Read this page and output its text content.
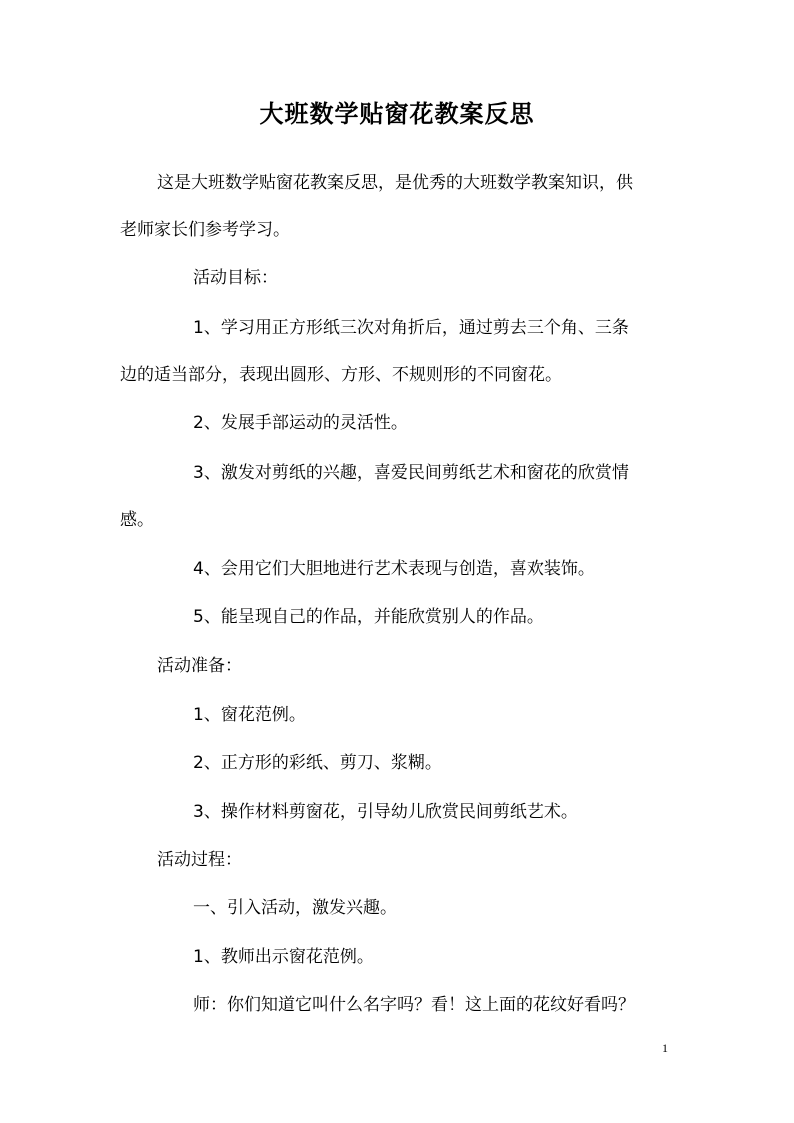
大班数学贴窗花教案反思
这是大班数学贴窗花教案反思，是优秀的大班数学教案知识，供
老师家长们参考学习。
活动目标：
1、学习用正方形纸三次对角折后，通过剪去三个角、三条
边的适当部分，表现出圆形、方形、不规则形的不同窗花。
2、发展手部运动的灵活性。
3、激发对剪纸的兴趣，喜爱民间剪纸艺术和窗花的欣赏情
感。
4、会用它们大胆地进行艺术表现与创造，喜欢装饰。
5、能呈现自己的作品，并能欣赏别人的作品。
活动准备：
1、窗花范例。
2、正方形的彩纸、剪刀、浆糊。
3、操作材料剪窗花，引导幼儿欣赏民间剪纸艺术。
活动过程：
一、引入活动，激发兴趣。
1、教师出示窗花范例。
师：你们知道它叫什么名字吗？看！这上面的花纹好看吗？
1
